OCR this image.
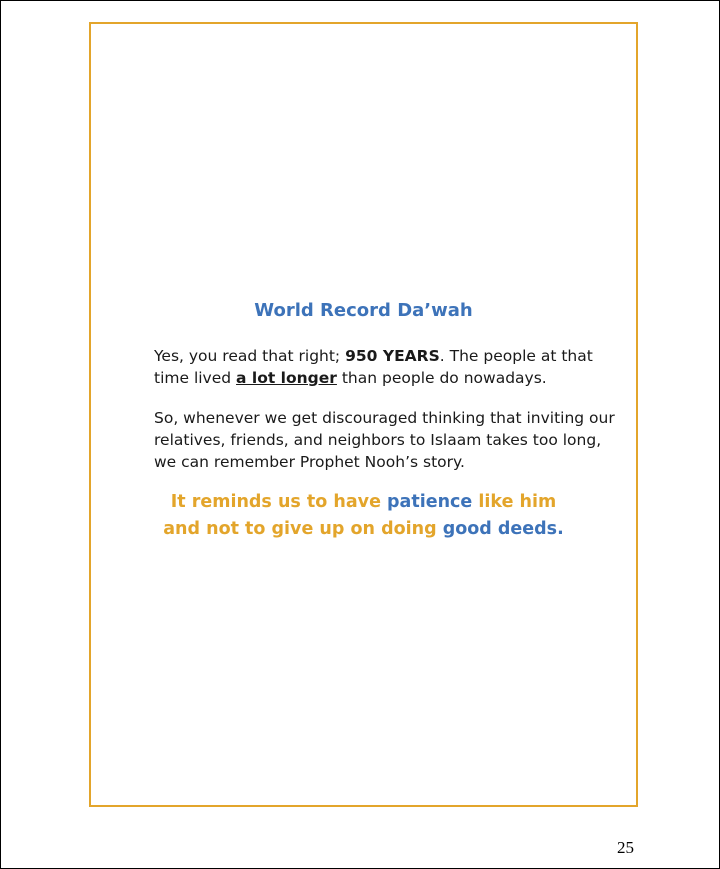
World Record Da’wah

Yes, you read that right; 950 YEARS. The people at that time lived a lot longer than people do nowadays.

So, whenever we get discouraged thinking that inviting our relatives, friends, and neighbors to Islaam takes too long, we can remember Prophet Nooh’s story.

It reminds us to have patience like him
and not to give up on doing good deeds.

25
